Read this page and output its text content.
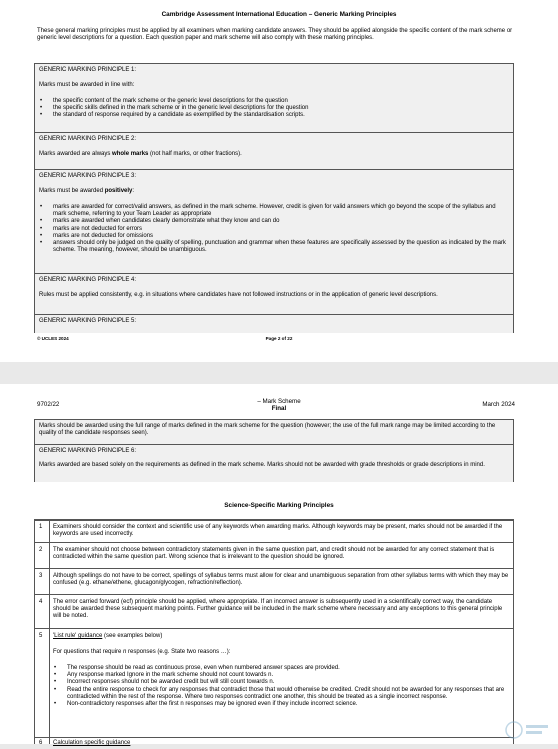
Cambridge Assessment International Education – Generic Marking Principles
These general marking principles must be applied by all examiners when marking candidate answers. They should be applied alongside the specific content of the mark scheme or generic level descriptions for a question. Each question paper and mark scheme will also comply with these marking principles.
GENERIC MARKING PRINCIPLE 1:
Marks must be awarded in line with:
• the specific content of the mark scheme or the generic level descriptions for the question
• the specific skills defined in the mark scheme or in the generic level descriptions for the question
• the standard of response required by a candidate as exemplified by the standardisation scripts.
GENERIC MARKING PRINCIPLE 2:
Marks awarded are always whole marks (not half marks, or other fractions).
GENERIC MARKING PRINCIPLE 3:
Marks must be awarded positively:
• marks are awarded for correct/valid answers, as defined in the mark scheme. However, credit is given for valid answers which go beyond the scope of the syllabus and mark scheme, referring to your Team Leader as appropriate
• marks are awarded when candidates clearly demonstrate what they know and can do
• marks are not deducted for errors
• marks are not deducted for omissions
• answers should only be judged on the quality of spelling, punctuation and grammar when these features are specifically assessed by the question as indicated by the mark scheme. The meaning, however, should be unambiguous.
GENERIC MARKING PRINCIPLE 4:
Rules must be applied consistently, e.g. in situations where candidates have not followed instructions or in the application of generic level descriptions.
GENERIC MARKING PRINCIPLE 5:
© UCLES 2024	Page 2 of 22
9702/22	– Mark Scheme
Final
March 2024
Marks should be awarded using the full range of marks defined in the mark scheme for the question (however; the use of the full mark range may be limited according to the quality of the candidate responses seen).
GENERIC MARKING PRINCIPLE 6:
Marks awarded are based solely on the requirements as defined in the mark scheme. Marks should not be awarded with grade thresholds or grade descriptions in mind.
Science-Specific Marking Principles
1 Examiners should consider the context and scientific use of any keywords when awarding marks. Although keywords may be present, marks should not be awarded if the keywords are used incorrectly.
2 The examiner should not choose between contradictory statements given in the same question part, and credit should not be awarded for any correct statement that is contradicted within the same question part. Wrong science that is irrelevant to the question should be ignored.
3 Although spellings do not have to be correct, spellings of syllabus terms must allow for clear and unambiguous separation from other syllabus terms with which they may be confused (e.g. ethane/ethene, glucagon/glycogen, refraction/reflection).
4 The error carried forward (ecf) principle should be applied, where appropriate. If an incorrect answer is subsequently used in a scientifically correct way, the candidate should be awarded these subsequent marking points. Further guidance will be included in the mark scheme where necessary and any exceptions to this general principle will be noted.
5 'List rule' guidance (see examples below)
For questions that require n responses (e.g. State two reasons …):
• The response should be read as continuous prose, even when numbered answer spaces are provided.
• Any response marked Ignore in the mark scheme should not count towards n.
• Incorrect responses should not be awarded credit but will still count towards n.
• Read the entire response to check for any responses that contradict those that would otherwise be credited. Credit should not be awarded for any responses that are contradicted within the rest of the response. Where two responses contradict one another, this should be treated as a single incorrect response.
• Non-contradictory responses after the first n responses may be ignored even if they include incorrect science.
6 Calculation specific guidance
